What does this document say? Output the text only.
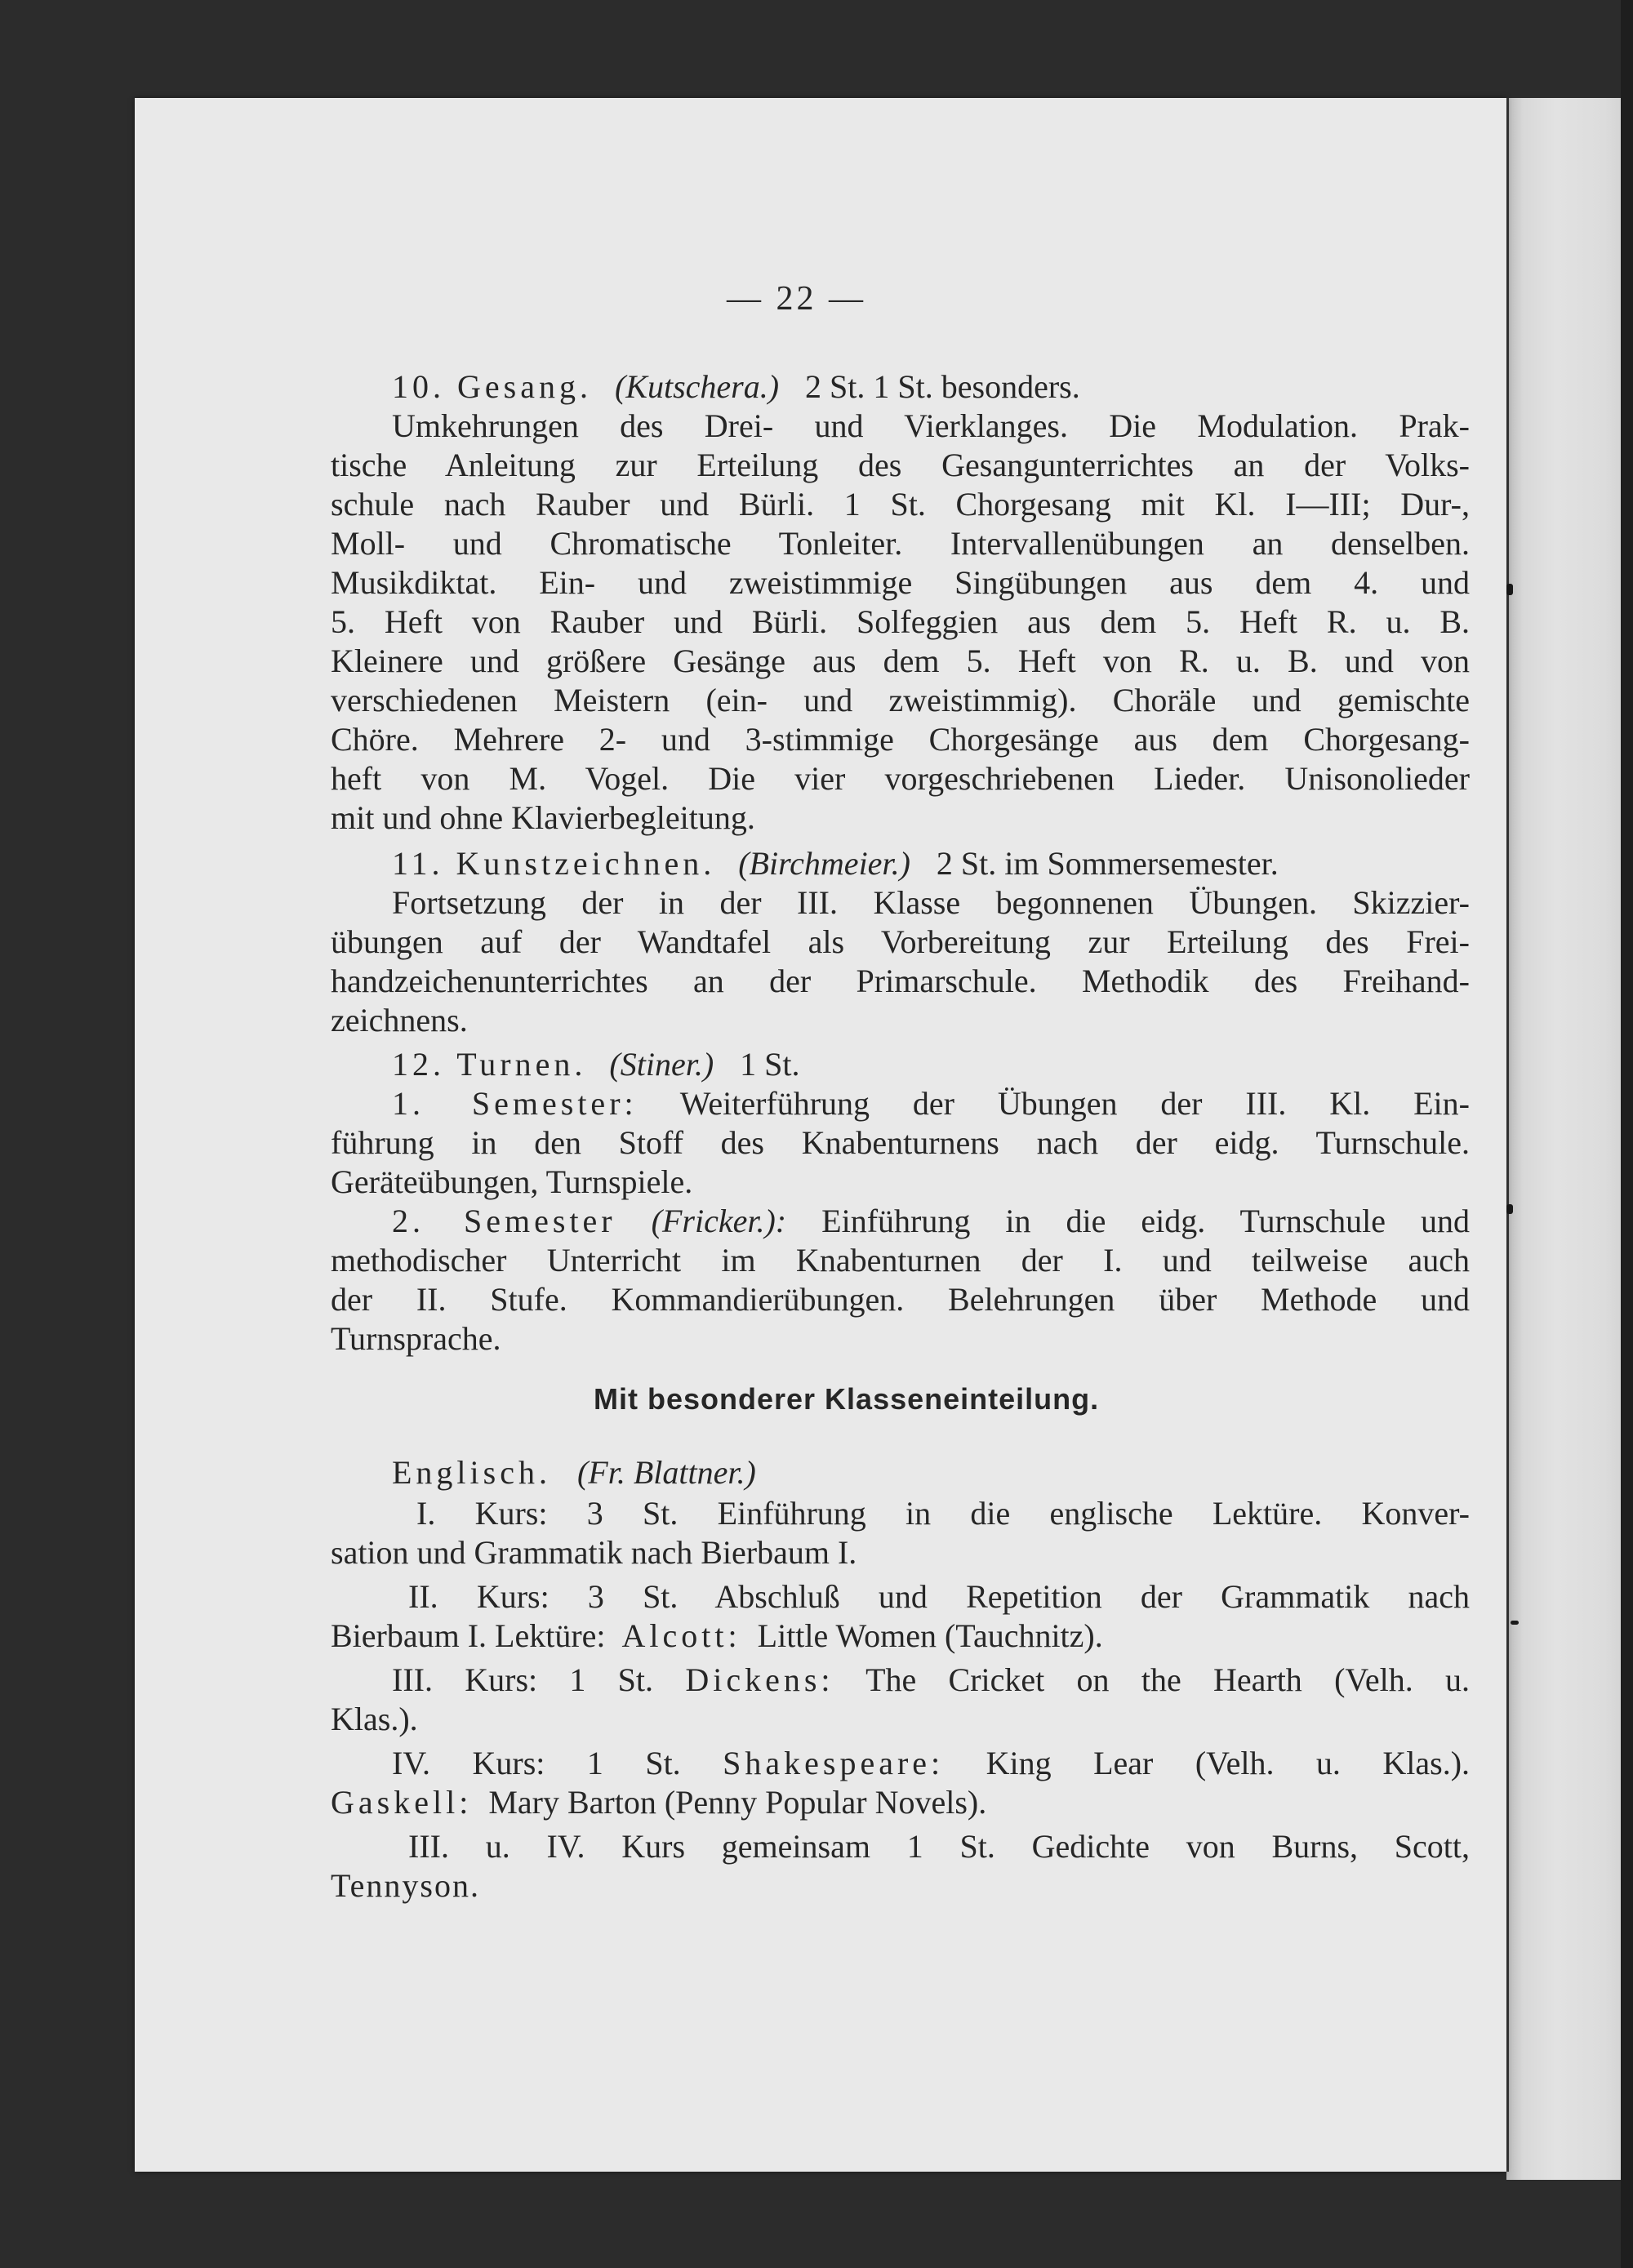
— 22 —

10. Gesang. (Kutschera.) 2 St. 1 St. besonders.

Umkehrungen des Drei- und Vierklanges. Die Modulation. Prak-

tische Anleitung zur Erteilung des Gesangunterrichtes an der Volks-

schule nach Rauber und Bürli. 1 St. Chorgesang mit Kl. I—III; Dur-,

Moll- und Chromatische Tonleiter. Intervallenübungen an denselben.

Musikdiktat. Ein- und zweistimmige Singübungen aus dem 4. und

5. Heft von Rauber und Bürli. Solfeggien aus dem 5. Heft R. u. B.

Kleinere und größere Gesänge aus dem 5. Heft von R. u. B. und von

verschiedenen Meistern (ein- und zweistimmig). Choräle und gemischte

Chöre. Mehrere 2- und 3-stimmige Chorgesänge aus dem Chorgesang-

heft von M. Vogel. Die vier vorgeschriebenen Lieder. Unisonolieder

mit und ohne Klavierbegleitung.

11. Kunstzeichnen. (Birchmeier.) 2 St. im Sommersemester.

Fortsetzung der in der III. Klasse begonnenen Übungen. Skizzier-

übungen auf der Wandtafel als Vorbereitung zur Erteilung des Frei-

handzeichenunterrichtes an der Primarschule. Methodik des Freihand-

zeichnens.

12. Turnen. (Stiner.) 1 St.

1. Semester: Weiterführung der Übungen der III. Kl. Ein-

führung in den Stoff des Knabenturnens nach der eidg. Turnschule.

Geräteübungen, Turnspiele.

2. Semester (Fricker.): Einführung in die eidg. Turnschule und

methodischer Unterricht im Knabenturnen der I. und teilweise auch

der II. Stufe. Kommandierübungen. Belehrungen über Methode und

Turnsprache.

Mit besonderer Klasseneinteilung.

Englisch. (Fr. Blattner.)

I. Kurs: 3 St. Einführung in die englische Lektüre. Konver-

sation und Grammatik nach Bierbaum I.

II. Kurs: 3 St. Abschluß und Repetition der Grammatik nach

Bierbaum I. Lektüre: Alcott: Little Women (Tauchnitz).

III. Kurs: 1 St. Dickens: The Cricket on the Hearth (Velh. u.

Klas.).

IV. Kurs: 1 St. Shakespeare: King Lear (Velh. u. Klas.).

Gaskell: Mary Barton (Penny Popular Novels).

III. u. IV. Kurs gemeinsam 1 St. Gedichte von Burns, Scott,

Tennyson.
